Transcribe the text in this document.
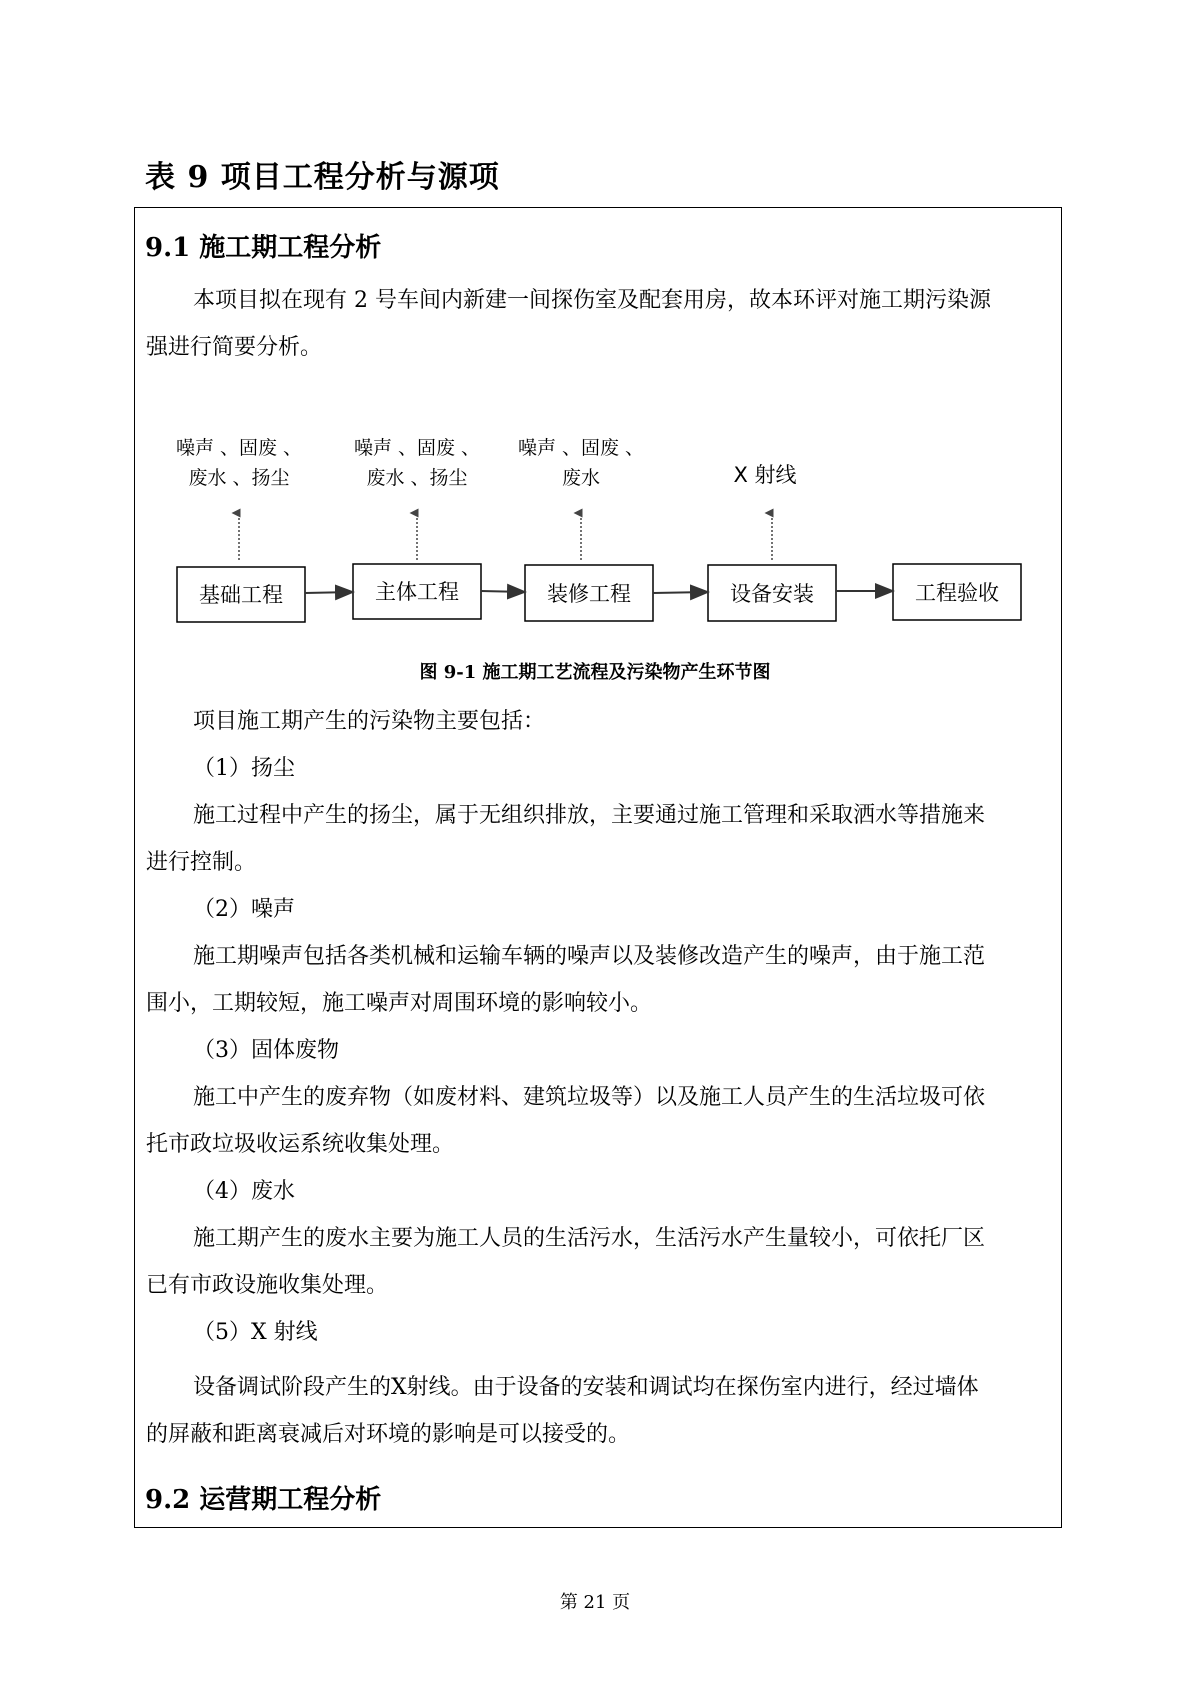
表 9 项目工程分析与源项
9.1 施工期工程分析
本项目拟在现有 2 号车间内新建一间探伤室及配套用房，故本环评对施工期污染源
强进行简要分析。
噪声 、固废 、
废水 、扬尘
噪声 、固废 、
废水 、扬尘
噪声 、固废 、
废水	X 射线
基础工程	主体工程	装修工程	设备安装	工程验收
图 9-1 施工期工艺流程及污染物产生环节图
项目施工期产生的污染物主要包括：
（1）扬尘
施工过程中产生的扬尘，属于无组织排放，主要通过施工管理和采取洒水等措施来
进行控制。
（2）噪声
施工期噪声包括各类机械和运输车辆的噪声以及装修改造产生的噪声，由于施工范
围小，工期较短，施工噪声对周围环境的影响较小。
（3）固体废物
施工中产生的废弃物（如废材料、建筑垃圾等）以及施工人员产生的生活垃圾可依
托市政垃圾收运系统收集处理。
（4）废水
施工期产生的废水主要为施工人员的生活污水，生活污水产生量较小，可依托厂区
已有市政设施收集处理。
（5）X 射线
设备调试阶段产生的X射线。由于设备的安装和调试均在探伤室内进行，经过墙体
的屏蔽和距离衰减后对环境的影响是可以接受的。
9.2 运营期工程分析
第 21 页
